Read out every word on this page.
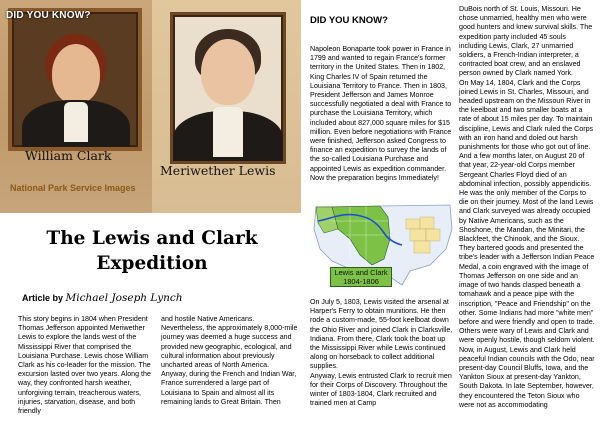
DID YOU KNOW?
William Clark
Meriwether Lewis
National Park Service Images
The Lewis and Clark Expedition
Article by Michael Joseph Lynch

This story begins in 1804 when President Thomas Jefferson appointed Meriwether Lewis to explore the lands west of the Mississippi River that comprised the Louisiana Purchase. Lewis chose William Clark as his co-leader for the mission. The excursion lasted over two years. Along the way, they confronted harsh weather, unforgiving terrain, treacherous waters, injuries, starvation, disease, and both friendly

and hostile Native Americans. Nevertheless, the approximately 8,000-mile journey was deemed a huge success and provided new geographic, ecological, and cultural information about previously uncharted areas of North America.
Anyway, during the French and Indian War, France surrendered a large part of Louisiana to Spain and almost all its remaining lands to Great Britain. Then

DID YOU KNOW?

Napoleon Bonaparte took power in France in 1799 and wanted to regain France's former territory in the United States. Then in 1802, King Charles IV of Spain returned the Louisiana Territory to France. Then in 1803, President Jefferson and James Monroe successfully negotiated a deal with France to purchase the Louisiana Territory, which included about 827,000 square miles for $15 million. Even before negotiations with France were finished, Jefferson asked Congress to finance an expedition to survey the lands of the so-called Louisiana Purchase and appointed Lewis as expedition commander. Now the preparation begins Immediately!

Lewis and Clark
1804-1806

On July 5, 1803, Lewis visited the arsenal at Harper's Ferry to obtain munitions. He then rode a custom-made, 55-foot keelboat down the Ohio River and joined Clark in Clarksville, Indiana. From there, Clark took the boat up the Mississippi River while Lewis continued along on horseback to collect additional supplies.
Anyway, Lewis entrusted Clark to recruit men for their Corps of Discovery. Throughout the winter of 1803-1804, Clark recruited and trained men at Camp

DuBois north of St. Louis, Missouri. He chose unmarried, healthy men who were good hunters and knew survival skills. The expedition party included 45 souls including Lewis, Clark, 27 unmarried soldiers, a French-Indian interpreter, a contracted boat crew, and an enslaved person owned by Clark named York.
On May 14, 1804, Clark and the Corps joined Lewis in St. Charles, Missouri, and headed upstream on the Missouri River in the keelboat and two smaller boats at a rate of about 15 miles per day. To maintain discipline, Lewis and Clark ruled the Corps with an iron hand and doled out harsh punishments for those who got out of line. And a few months later, on August 20 of that year, 22-year-old Corps member Sergeant Charles Floyd died of an abdominal infection, possibly appendicitis. He was the only member of the Corps to die on their journey. Most of the land Lewis and Clark surveyed was already occupied by Native Americans, such as the Shoshone, the Mandan, the Minitari, the Blackfeet, the Chinook, and the Sioux. They bartered goods and presented the tribe's leader with a Jefferson Indian Peace Medal, a coin engraved with the image of Thomas Jefferson on one side and an image of two hands clasped beneath a tomahawk and a peace pipe with the inscription, "Peace and Friendship" on the other. Some Indians had more "white men" before and were friendly and open to trade. Others were wary of Lewis and Clark and were openly hostile, though seldom violent.
Now, in August, Lewis and Clark held peaceful Indian councils with the Odo, near present-day Council Bluffs, Iowa, and the Yankton Sioux at present-day Yankton, South Dakota. In late September, however, they encountered the Teton Sioux who were not as accommodating
